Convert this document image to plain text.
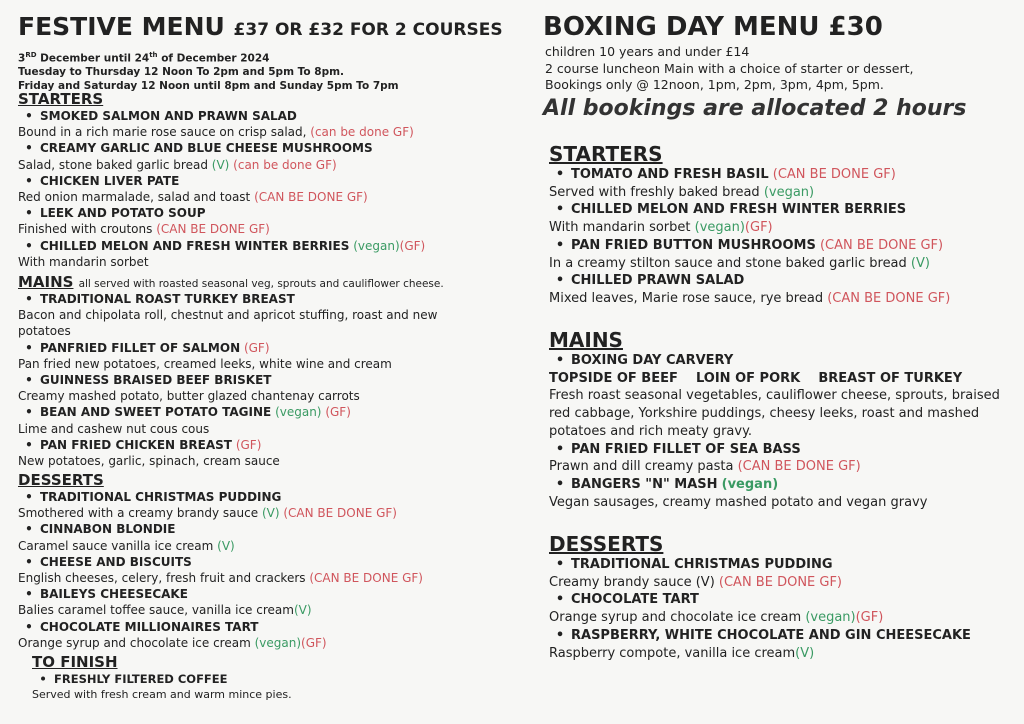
FESTIVE MENU £37 OR £32 FOR 2 COURSES
3RD December until 24th of December 2024
Tuesday to Thursday 12 Noon To 2pm and 5pm To 8pm.
Friday and Saturday 12 Noon until 8pm and Sunday 5pm To 7pm
STARTERS
• SMOKED SALMON AND PRAWN SALAD
Bound in a rich marie rose sauce on crisp salad, (can be done GF)
• CREAMY GARLIC AND BLUE CHEESE MUSHROOMS
Salad, stone baked garlic bread (V) (can be done GF)
• CHICKEN LIVER PATE
Red onion marmalade, salad and toast (CAN BE DONE GF)
• LEEK AND POTATO SOUP
Finished with croutons (CAN BE DONE GF)
• CHILLED MELON AND FRESH WINTER BERRIES (vegan)(GF)
With mandarin sorbet
MAINS all served with roasted seasonal veg, sprouts and cauliflower cheese.
• TRADITIONAL ROAST TURKEY BREAST
Bacon and chipolata roll, chestnut and apricot stuffing, roast and new potatoes
• PANFRIED FILLET OF SALMON (GF)
Pan fried new potatoes, creamed leeks, white wine and cream
• GUINNESS BRAISED BEEF BRISKET
Creamy mashed potato, butter glazed chantenay carrots
• BEAN AND SWEET POTATO TAGINE (vegan) (GF)
Lime and cashew nut cous cous
• PAN FRIED CHICKEN BREAST (GF)
New potatoes, garlic, spinach, cream sauce
DESSERTS
• TRADITIONAL CHRISTMAS PUDDING
Smothered with a creamy brandy sauce (V) (CAN BE DONE GF)
• CINNABON BLONDIE
Caramel sauce vanilla ice cream (V)
• CHEESE AND BISCUITS
English cheeses, celery, fresh fruit and crackers (CAN BE DONE GF)
• BAILEYS CHEESECAKE
Balies caramel toffee sauce, vanilla ice cream(V)
• CHOCOLATE MILLIONAIRES TART
Orange syrup and chocolate ice cream (vegan)(GF)
TO FINISH
• FRESHLY FILTERED COFFEE
Served with fresh cream and warm mince pies.
BOXING DAY MENU £30
children 10 years and under £14
2 course luncheon Main with a choice of starter or dessert,
Bookings only @ 12noon, 1pm, 2pm, 3pm, 4pm, 5pm.
All bookings are allocated 2 hours
STARTERS
• TOMATO AND FRESH BASIL (CAN BE DONE GF)
Served with freshly baked bread (vegan)
• CHILLED MELON AND FRESH WINTER BERRIES
With mandarin sorbet (vegan)(GF)
• PAN FRIED BUTTON MUSHROOMS (CAN BE DONE GF)
In a creamy stilton sauce and stone baked garlic bread (V)
• CHILLED PRAWN SALAD
Mixed leaves, Marie rose sauce, rye bread (CAN BE DONE GF)
MAINS
• BOXING DAY CARVERY
TOPSIDE OF BEEF LOIN OF PORK BREAST OF TURKEY
Fresh roast seasonal vegetables, cauliflower cheese, sprouts, braised red cabbage, Yorkshire puddings, cheesy leeks, roast and mashed potatoes and rich meaty gravy.
• PAN FRIED FILLET OF SEA BASS
Prawn and dill creamy pasta (CAN BE DONE GF)
• BANGERS "N" MASH (vegan)
Vegan sausages, creamy mashed potato and vegan gravy
DESSERTS
• TRADITIONAL CHRISTMAS PUDDING
Creamy brandy sauce (V) (CAN BE DONE GF)
• CHOCOLATE TART
Orange syrup and chocolate ice cream (vegan)(GF)
• RASPBERRY, WHITE CHOCOLATE AND GIN CHEESECAKE
Raspberry compote, vanilla ice cream(V)
